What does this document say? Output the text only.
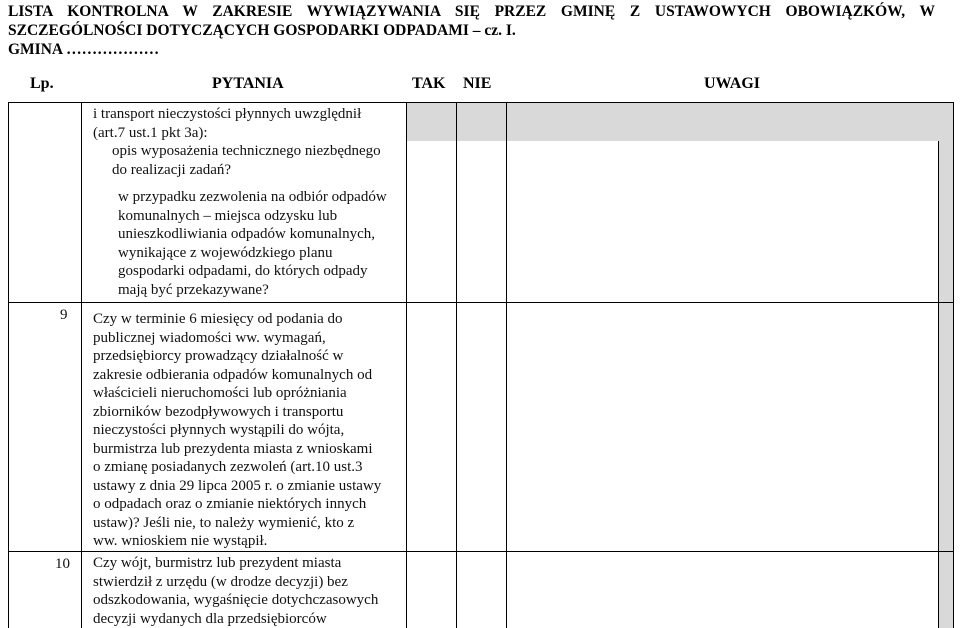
LISTA KONTROLNA W ZAKRESIE WYWIĄZYWANIA SIĘ PRZEZ GMINĘ Z USTAWOWYCH OBOWIĄZKÓW, W
SZCZEGÓLNOŚCI DOTYCZĄCYCH GOSPODARKI ODPADAMI – cz. I.
GMINA ………………
Lp.	PYTANIA	TAK NIE	UWAGI
i transport nieczystości płynnych uwzględnił
(art.7 ust.1 pkt 3a):
opis wyposażenia technicznego niezbędnego
do realizacji zadań?
w przypadku zezwolenia na odbiór odpadów
komunalnych – miejsca odzysku lub
unieszkodliwiania odpadów komunalnych,
wynikające z wojewódzkiego planu
gospodarki odpadami, do których odpady
mają być przekazywane?
9 Czy w terminie 6 miesięcy od podania do
publicznej wiadomości ww. wymagań,
przedsiębiorcy prowadzący działalność w
zakresie odbierania odpadów komunalnych od
właścicieli nieruchomości lub opróżniania
zbiorników bezodpływowych i transportu
nieczystości płynnych wystąpili do wójta,
burmistrza lub prezydenta miasta z wnioskami
o zmianę posiadanych zezwoleń (art.10 ust.3
ustawy z dnia 29 lipca 2005 r. o zmianie ustawy
o odpadach oraz o zmianie niektórych innych
ustaw)? Jeśli nie, to należy wymienić, kto z
ww. wnioskiem nie wystąpił.
10 Czy wójt, burmistrz lub prezydent miasta
stwierdził z urzędu (w drodze decyzji) bez
odszkodowania, wygaśnięcie dotychczasowych
decyzji wydanych dla przedsiębiorców
